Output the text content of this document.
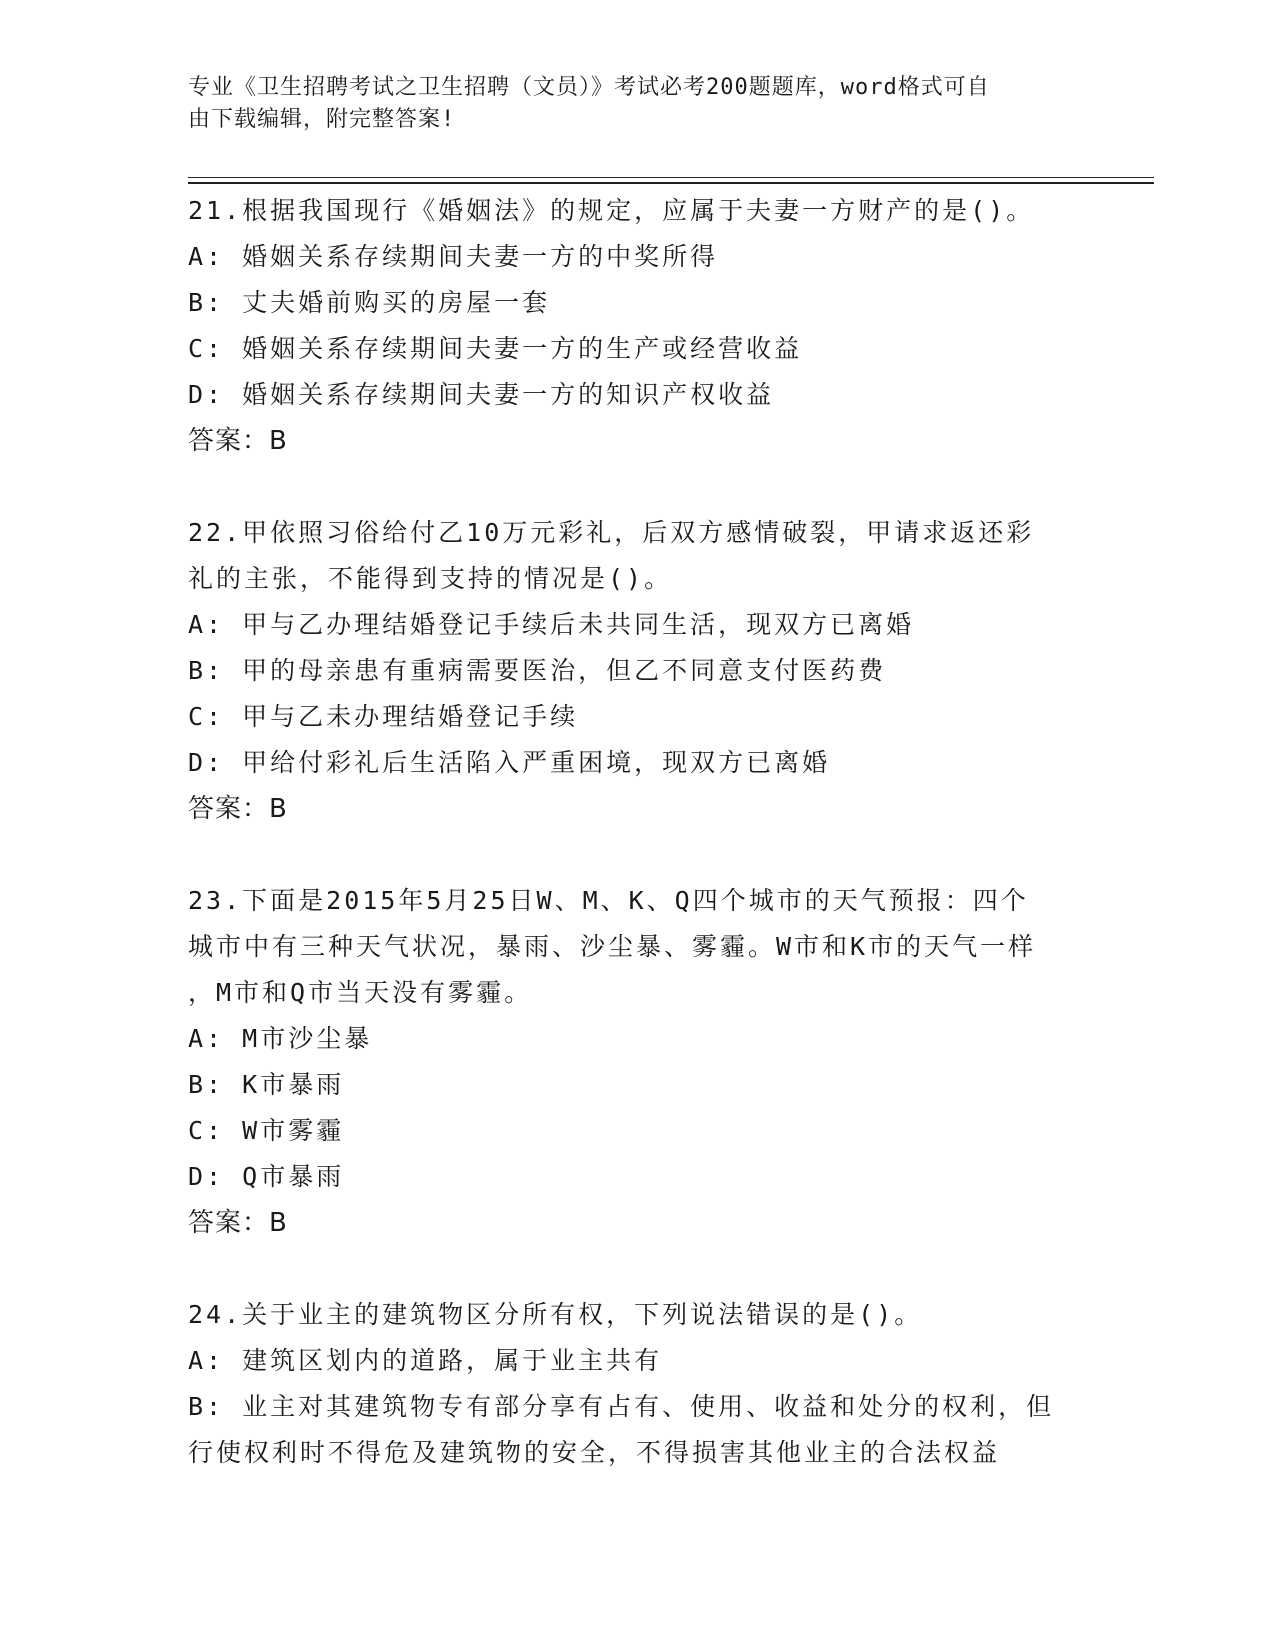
专业《卫生招聘考试之卫生招聘（文员）》考试必考200题题库，word格式可自
由下载编辑，附完整答案!

21.根据我国现行《婚姻法》的规定，应属于夫妻一方财产的是()。

A: 婚姻关系存续期间夫妻一方的中奖所得

B: 丈夫婚前购买的房屋一套

C: 婚姻关系存续期间夫妻一方的生产或经营收益

D: 婚姻关系存续期间夫妻一方的知识产权收益

答案：B

22.甲依照习俗给付乙10万元彩礼，后双方感情破裂，甲请求返还彩

礼的主张，不能得到支持的情况是()。

A: 甲与乙办理结婚登记手续后未共同生活，现双方已离婚

B: 甲的母亲患有重病需要医治，但乙不同意支付医药费

C: 甲与乙未办理结婚登记手续

D: 甲给付彩礼后生活陷入严重困境，现双方已离婚

答案：B

23.下面是2015年5月25日W、M、K、Q四个城市的天气预报：四个

城市中有三种天气状况，暴雨、沙尘暴、雾霾。W市和K市的天气一样

，M市和Q市当天没有雾霾。

A: M市沙尘暴

B: K市暴雨

C: W市雾霾

D: Q市暴雨

答案：B

24.关于业主的建筑物区分所有权，下列说法错误的是()。

A: 建筑区划内的道路，属于业主共有

B: 业主对其建筑物专有部分享有占有、使用、收益和处分的权利，但

行使权利时不得危及建筑物的安全，不得损害其他业主的合法权益
